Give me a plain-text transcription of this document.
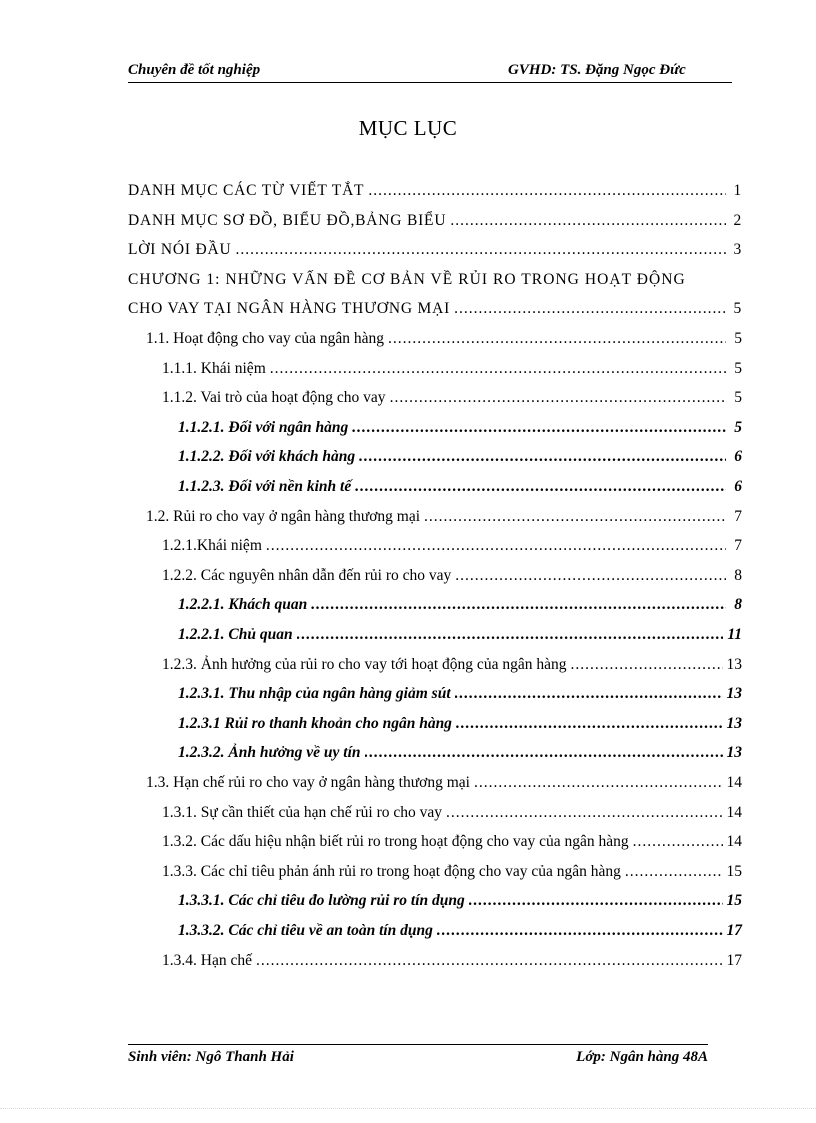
Chuyên đề tốt nghiệp	GVHD: TS. Đặng Ngọc Đức
MỤC LỤC
DANH MỤC CÁC TỪ VIẾT TẮT .....	1
DANH MỤC SƠ ĐỒ, BIỂU ĐỒ,BẢNG BIỂU .....	2
LỜI NÓI ĐẦU .....	3
CHƯƠNG 1: NHỮNG VẤN ĐỀ CƠ BẢN VỀ RỦI RO TRONG HOẠT ĐỘNG
CHO VAY TẠI NGÂN HÀNG THƯƠNG MẠI .....	5
1.1. Hoạt động cho vay của ngân hàng .....	5
1.1.1. Khái niệm .....	5
1.1.2. Vai trò của hoạt động cho vay .....	5
1.1.2.1. Đối với ngân hàng .....	5
1.1.2.2. Đối với khách hàng .....	6
1.1.2.3. Đối với nền kinh tế .....	6
1.2. Rủi ro cho vay ở ngân hàng thương mại .....	7
1.2.1.Khái niệm .....	7
1.2.2. Các nguyên nhân dẫn đến rủi ro cho vay .....	8
1.2.2.1. Khách quan .....	8
1.2.2.1. Chủ quan .....	11
1.2.3. Ảnh hưởng của rủi ro cho vay tới hoạt động của ngân hàng .....	13
1.2.3.1. Thu nhập của ngân hàng giảm sút .....	13
1.2.3.1 Rủi ro thanh khoản cho ngân hàng .....	13
1.2.3.2. Ảnh hưởng về uy tín .....	13
1.3. Hạn chế rủi ro cho vay ở ngân hàng thương mại .....	14
1.3.1. Sự cần thiết của hạn chế rủi ro cho vay .....	14
1.3.2. Các dấu hiệu nhận biết rủi ro trong hoạt động cho vay của ngân hàng .....	14
1.3.3. Các chỉ tiêu phản ánh rủi ro trong hoạt động cho vay của ngân hàng .....	15
1.3.3.1. Các chỉ tiêu đo lường rủi ro tín dụng .....	15
1.3.3.2. Các chỉ tiêu về an toàn tín dụng .....	17
1.3.4. Hạn chế .....	17
Sinh viên: Ngô Thanh Hải	Lớp: Ngân hàng 48A
